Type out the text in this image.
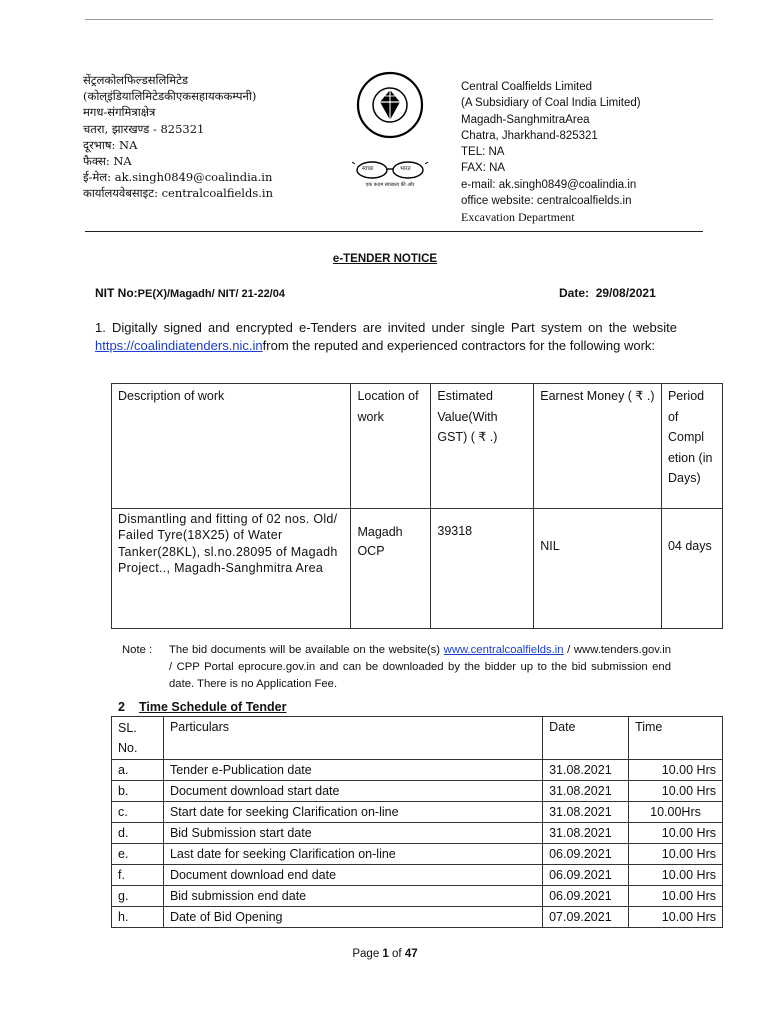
सेंट्रलकोलफिल्डसलिमिटेड
(कोल्इंडियालिमिटेडकीएकसहायककम्पनी)
मगध-संगमित्राक्षेत्र
चतरा, झारखण्ड - 825321
दूरभाष: NA
फैक्स: NA
ई-मेल: ak.singh0849@coalindia.in
कार्यालयवेबसाइट: centralcoalfields.in
स्वच्छ	भारत
एक कदम स्वच्छता की ओर
Central Coalfields Limited
(A Subsidiary of Coal India Limited)
Magadh-SanghmitraArea
Chatra, Jharkhand-825321
TEL: NA
FAX: NA
e-mail: ak.singh0849@coalindia.in
office website: centralcoalfields.in
Excavation Department
e-TENDER NOTICE
NIT No:PE(X)/Magadh/ NIT/ 21-22/04	Date: 29/08/2021
1. Digitally signed and encrypted e-Tenders are invited under single Part system on the website https://coalindiatenders.nic.infrom the reputed and experienced contractors for the following work:
Description of work	Location of work	Estimated Value(With GST) ( ₹ .)	Earnest Money ( ₹ .)	Period of Compl etion (in Days)
Dismantling and fitting of 02 nos. Old/ Failed Tyre(18X25) of Water Tanker(28KL), sl.no.28095 of Magadh Project.., Magadh-Sanghmitra Area	Magadh OCP	39318	NIL	04 days
Note : The bid documents will be available on the website(s) www.centralcoalfields.in / www.tenders.gov.in / CPP Portal eprocure.gov.in and can be downloaded by the bidder up to the bid submission end date. There is no Application Fee.
2 Time Schedule of Tender
SL. No.	Particulars	Date	Time
a.	Tender e-Publication date	31.08.2021	10.00 Hrs
b.	Document download start date	31.08.2021	10.00 Hrs
c.	Start date for seeking Clarification on-line	31.08.2021	10.00Hrs
d.	Bid Submission start date	31.08.2021	10.00 Hrs
e.	Last date for seeking Clarification on-line	06.09.2021	10.00 Hrs
f.	Document download end date	06.09.2021	10.00 Hrs
g.	Bid submission end date	06.09.2021	10.00 Hrs
h.	Date of Bid Opening	07.09.2021	10.00 Hrs
Page 1 of 47
